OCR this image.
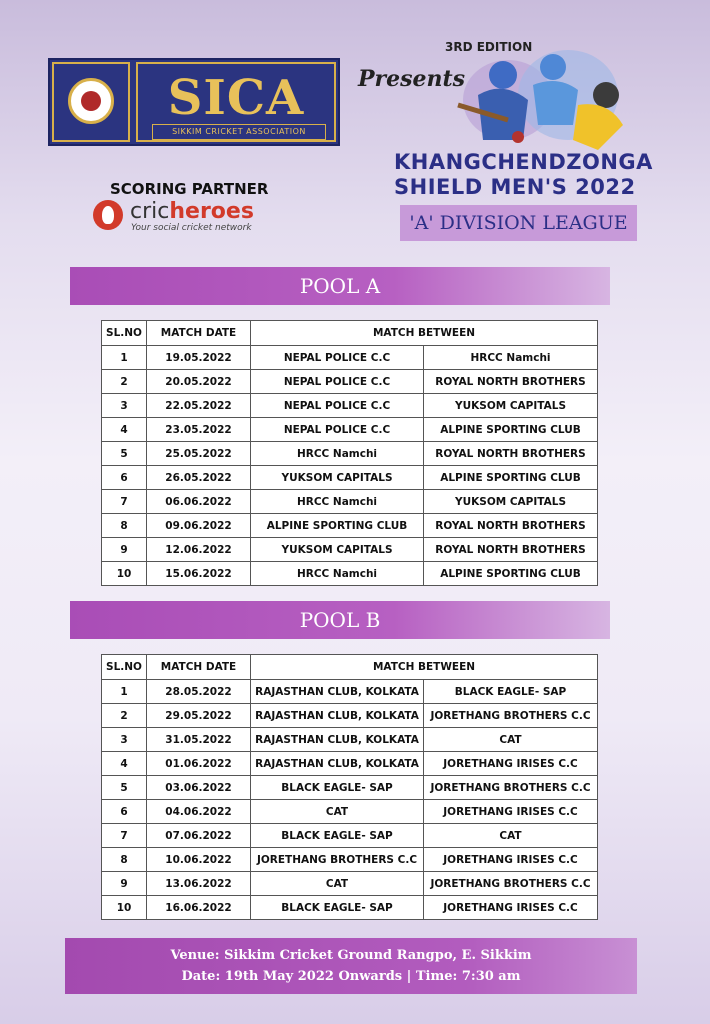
SICA
SIKKIM CRICKET ASSOCIATION
SCORING PARTNER
cricheroes
Your social cricket network
3RD EDITION
Presents
KHANGCHENDZONGA
SHIELD MEN'S 2022
'A' DIVISION LEAGUE
POOL A
SL.NO	MATCH DATE	MATCH BETWEEN	
1	19.05.2022	NEPAL POLICE C.C	HRCC Namchi
2	20.05.2022	NEPAL POLICE C.C	ROYAL NORTH BROTHERS
3	22.05.2022	NEPAL POLICE C.C	YUKSOM CAPITALS
4	23.05.2022	NEPAL POLICE C.C	ALPINE SPORTING CLUB
5	25.05.2022	HRCC Namchi	ROYAL NORTH BROTHERS
6	26.05.2022	YUKSOM CAPITALS	ALPINE SPORTING CLUB
7	06.06.2022	HRCC Namchi	YUKSOM CAPITALS
8	09.06.2022	ALPINE SPORTING CLUB	ROYAL NORTH BROTHERS
9	12.06.2022	YUKSOM CAPITALS	ROYAL NORTH BROTHERS
10	15.06.2022	HRCC Namchi	ALPINE SPORTING CLUB
POOL B
SL.NO	MATCH DATE	MATCH BETWEEN	
1	28.05.2022	RAJASTHAN CLUB, KOLKATA	BLACK EAGLE- SAP
2	29.05.2022	RAJASTHAN CLUB, KOLKATA	JORETHANG BROTHERS C.C
3	31.05.2022	RAJASTHAN CLUB, KOLKATA	CAT
4	01.06.2022	RAJASTHAN CLUB, KOLKATA	JORETHANG IRISES C.C
5	03.06.2022	BLACK EAGLE- SAP	JORETHANG BROTHERS C.C
6	04.06.2022	CAT	JORETHANG IRISES C.C
7	07.06.2022	BLACK EAGLE- SAP	CAT
8	10.06.2022	JORETHANG BROTHERS C.C	JORETHANG IRISES C.C
9	13.06.2022	CAT	JORETHANG BROTHERS C.C
10	16.06.2022	BLACK EAGLE- SAP	JORETHANG IRISES C.C
Venue: Sikkim Cricket Ground Rangpo, E. Sikkim
Date: 19th May 2022 Onwards | Time: 7:30 am
